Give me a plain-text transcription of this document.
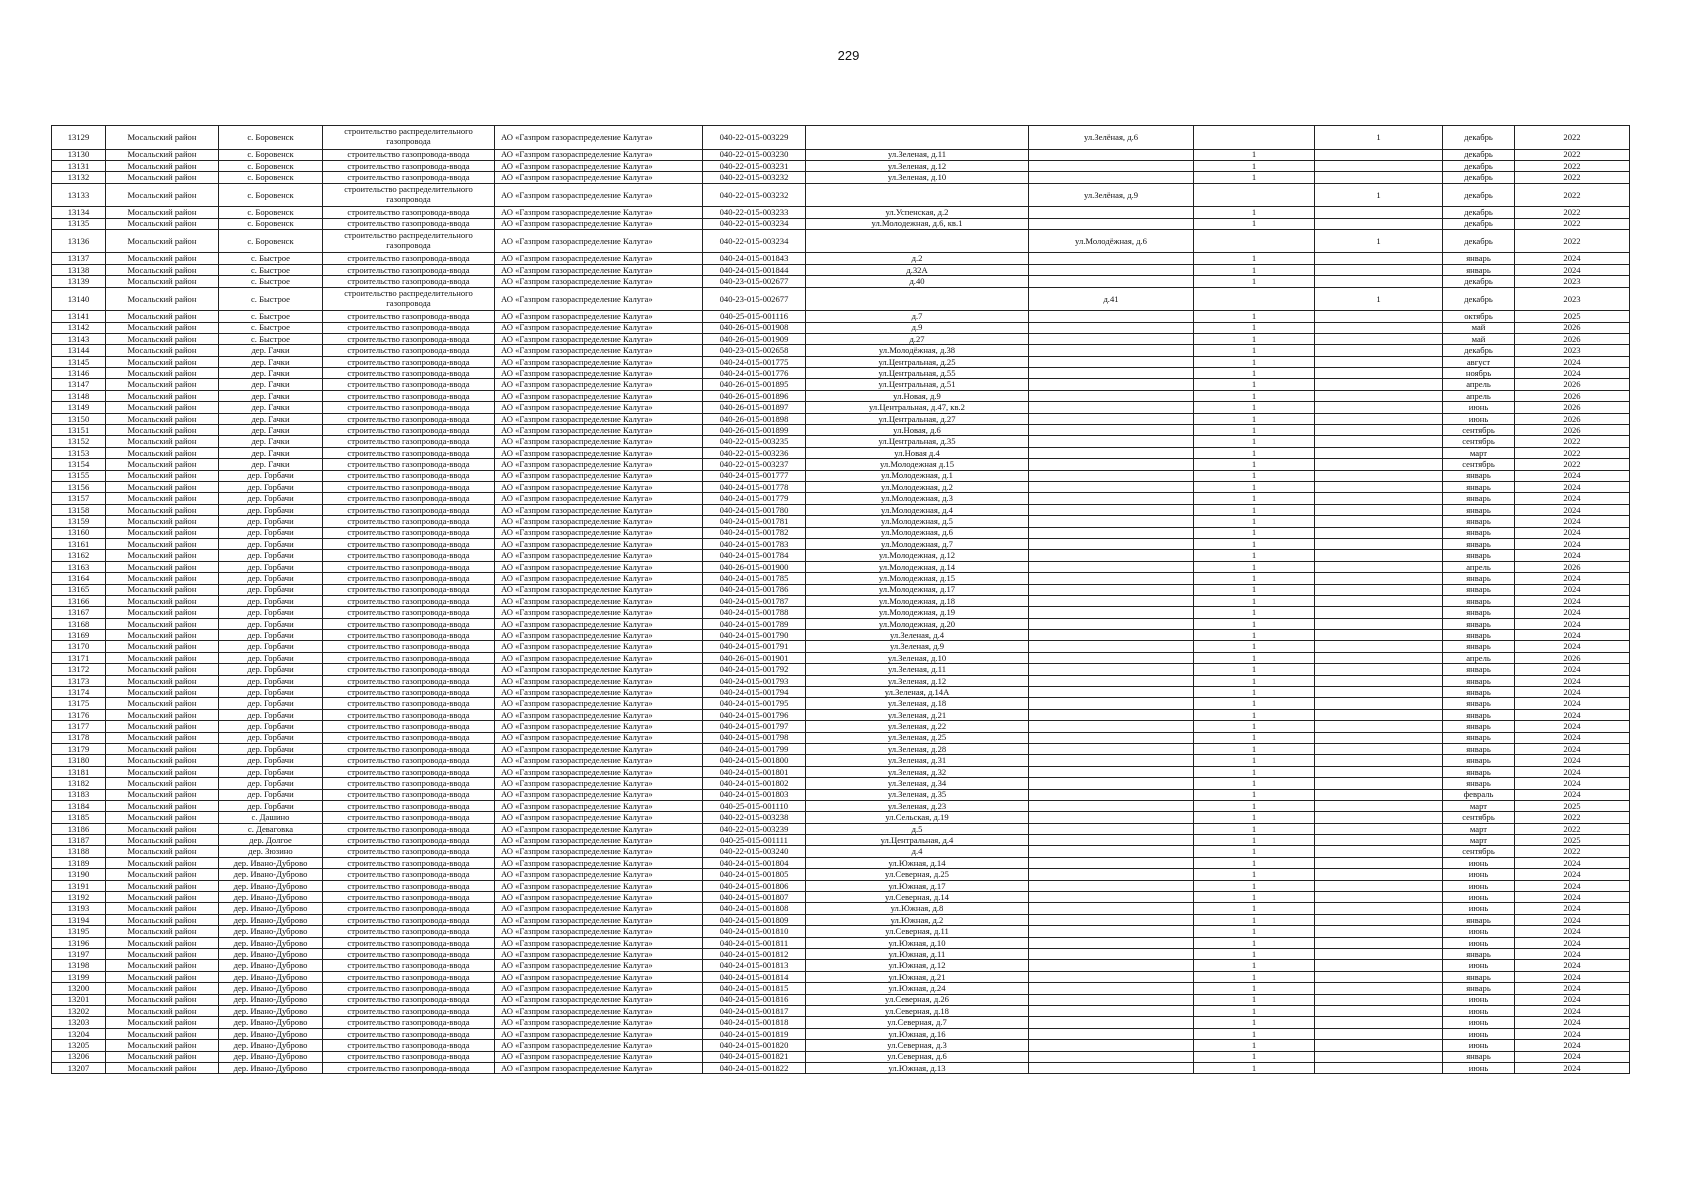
229
13129	Мосальский район	с. Боровенск	строительство распределительного газопровода	АО «Газпром газораспределение Калуга»	040-22-015-003229		ул.Зелёная, д.6		1	декабрь	2022
13130	Мосальский район	с. Боровенск	строительство газопровода-ввода	АО «Газпром газораспределение Калуга»	040-22-015-003230	ул.Зеленая, д.11		1		декабрь	2022
13131	Мосальский район	с. Боровенск	строительство газопровода-ввода	АО «Газпром газораспределение Калуга»	040-22-015-003231	ул.Зеленая, д.12		1		декабрь	2022
13132	Мосальский район	с. Боровенск	строительство газопровода-ввода	АО «Газпром газораспределение Калуга»	040-22-015-003232	ул.Зеленая, д.10		1		декабрь	2022
13133	Мосальский район	с. Боровенск	строительство распределительного газопровода	АО «Газпром газораспределение Калуга»	040-22-015-003232		ул.Зелёная, д.9		1	декабрь	2022
13134	Мосальский район	с. Боровенск	строительство газопровода-ввода	АО «Газпром газораспределение Калуга»	040-22-015-003233	ул.Успенская, д.2		1		декабрь	2022
13135	Мосальский район	с. Боровенск	строительство газопровода-ввода	АО «Газпром газораспределение Калуга»	040-22-015-003234	ул.Молодежная, д.6, кв.1		1		декабрь	2022
13136	Мосальский район	с. Боровенск	строительство распределительного газопровода	АО «Газпром газораспределение Калуга»	040-22-015-003234		ул.Молодёжная, д.6		1	декабрь	2022
13137	Мосальский район	с. Быстрое	строительство газопровода-ввода	АО «Газпром газораспределение Калуга»	040-24-015-001843	д.2		1		январь	2024
13138	Мосальский район	с. Быстрое	строительство газопровода-ввода	АО «Газпром газораспределение Калуга»	040-24-015-001844	д.32А		1		январь	2024
13139	Мосальский район	с. Быстрое	строительство газопровода-ввода	АО «Газпром газораспределение Калуга»	040-23-015-002677	д.40		1		декабрь	2023
13140	Мосальский район	с. Быстрое	строительство распределительного газопровода	АО «Газпром газораспределение Калуга»	040-23-015-002677		д.41		1	декабрь	2023
13141	Мосальский район	с. Быстрое	строительство газопровода-ввода	АО «Газпром газораспределение Калуга»	040-25-015-001116	д.7		1		октябрь	2025
13142	Мосальский район	с. Быстрое	строительство газопровода-ввода	АО «Газпром газораспределение Калуга»	040-26-015-001908	д.9		1		май	2026
13143	Мосальский район	с. Быстрое	строительство газопровода-ввода	АО «Газпром газораспределение Калуга»	040-26-015-001909	д.27		1		май	2026
13144	Мосальский район	дер. Гачки	строительство газопровода-ввода	АО «Газпром газораспределение Калуга»	040-23-015-002658	ул.Молодёжная, д.38		1		декабрь	2023
13145	Мосальский район	дер. Гачки	строительство газопровода-ввода	АО «Газпром газораспределение Калуга»	040-24-015-001775	ул.Центральная, д.25		1		август	2024
13146	Мосальский район	дер. Гачки	строительство газопровода-ввода	АО «Газпром газораспределение Калуга»	040-24-015-001776	ул.Центральная, д.55		1		ноябрь	2024
13147	Мосальский район	дер. Гачки	строительство газопровода-ввода	АО «Газпром газораспределение Калуга»	040-26-015-001895	ул.Центральная, д.51		1		апрель	2026
13148	Мосальский район	дер. Гачки	строительство газопровода-ввода	АО «Газпром газораспределение Калуга»	040-26-015-001896	ул.Новая, д.9		1		апрель	2026
13149	Мосальский район	дер. Гачки	строительство газопровода-ввода	АО «Газпром газораспределение Калуга»	040-26-015-001897	ул.Центральная, д.47, кв.2		1		июнь	2026
13150	Мосальский район	дер. Гачки	строительство газопровода-ввода	АО «Газпром газораспределение Калуга»	040-26-015-001898	ул.Центральная, д.27		1		июнь	2026
13151	Мосальский район	дер. Гачки	строительство газопровода-ввода	АО «Газпром газораспределение Калуга»	040-26-015-001899	ул.Новая, д.6		1		сентябрь	2026
13152	Мосальский район	дер. Гачки	строительство газопровода-ввода	АО «Газпром газораспределение Калуга»	040-22-015-003235	ул.Центральная, д.35		1		сентябрь	2022
13153	Мосальский район	дер. Гачки	строительство газопровода-ввода	АО «Газпром газораспределение Калуга»	040-22-015-003236	ул.Новая д.4		1		март	2022
13154	Мосальский район	дер. Гачки	строительство газопровода-ввода	АО «Газпром газораспределение Калуга»	040-22-015-003237	ул.Молодежная д.15		1		сентябрь	2022
13155	Мосальский район	дер. Горбачи	строительство газопровода-ввода	АО «Газпром газораспределение Калуга»	040-24-015-001777	ул.Молодежная, д.1		1		январь	2024
13156	Мосальский район	дер. Горбачи	строительство газопровода-ввода	АО «Газпром газораспределение Калуга»	040-24-015-001778	ул.Молодежная, д.2		1		январь	2024
13157	Мосальский район	дер. Горбачи	строительство газопровода-ввода	АО «Газпром газораспределение Калуга»	040-24-015-001779	ул.Молодежная, д.3		1		январь	2024
13158	Мосальский район	дер. Горбачи	строительство газопровода-ввода	АО «Газпром газораспределение Калуга»	040-24-015-001780	ул.Молодежная, д.4		1		январь	2024
13159	Мосальский район	дер. Горбачи	строительство газопровода-ввода	АО «Газпром газораспределение Калуга»	040-24-015-001781	ул.Молодежная, д.5		1		январь	2024
13160	Мосальский район	дер. Горбачи	строительство газопровода-ввода	АО «Газпром газораспределение Калуга»	040-24-015-001782	ул.Молодежная, д.6		1		январь	2024
13161	Мосальский район	дер. Горбачи	строительство газопровода-ввода	АО «Газпром газораспределение Калуга»	040-24-015-001783	ул.Молодежная, д.7		1		январь	2024
13162	Мосальский район	дер. Горбачи	строительство газопровода-ввода	АО «Газпром газораспределение Калуга»	040-24-015-001784	ул.Молодежная, д.12		1		январь	2024
13163	Мосальский район	дер. Горбачи	строительство газопровода-ввода	АО «Газпром газораспределение Калуга»	040-26-015-001900	ул.Молодежная, д.14		1		апрель	2026
13164	Мосальский район	дер. Горбачи	строительство газопровода-ввода	АО «Газпром газораспределение Калуга»	040-24-015-001785	ул.Молодежная, д.15		1		январь	2024
13165	Мосальский район	дер. Горбачи	строительство газопровода-ввода	АО «Газпром газораспределение Калуга»	040-24-015-001786	ул.Молодежная, д.17		1		январь	2024
13166	Мосальский район	дер. Горбачи	строительство газопровода-ввода	АО «Газпром газораспределение Калуга»	040-24-015-001787	ул.Молодежная, д.18		1		январь	2024
13167	Мосальский район	дер. Горбачи	строительство газопровода-ввода	АО «Газпром газораспределение Калуга»	040-24-015-001788	ул.Молодежная, д.19		1		январь	2024
13168	Мосальский район	дер. Горбачи	строительство газопровода-ввода	АО «Газпром газораспределение Калуга»	040-24-015-001789	ул.Молодежная, д.20		1		январь	2024
13169	Мосальский район	дер. Горбачи	строительство газопровода-ввода	АО «Газпром газораспределение Калуга»	040-24-015-001790	ул.Зеленая, д.4		1		январь	2024
13170	Мосальский район	дер. Горбачи	строительство газопровода-ввода	АО «Газпром газораспределение Калуга»	040-24-015-001791	ул.Зеленая, д.9		1		январь	2024
13171	Мосальский район	дер. Горбачи	строительство газопровода-ввода	АО «Газпром газораспределение Калуга»	040-26-015-001901	ул.Зеленая, д.10		1		апрель	2026
13172	Мосальский район	дер. Горбачи	строительство газопровода-ввода	АО «Газпром газораспределение Калуга»	040-24-015-001792	ул.Зеленая, д.11		1		январь	2024
13173	Мосальский район	дер. Горбачи	строительство газопровода-ввода	АО «Газпром газораспределение Калуга»	040-24-015-001793	ул.Зеленая, д.12		1		январь	2024
13174	Мосальский район	дер. Горбачи	строительство газопровода-ввода	АО «Газпром газораспределение Калуга»	040-24-015-001794	ул.Зеленая, д.14А		1		январь	2024
13175	Мосальский район	дер. Горбачи	строительство газопровода-ввода	АО «Газпром газораспределение Калуга»	040-24-015-001795	ул.Зеленая, д.18		1		январь	2024
13176	Мосальский район	дер. Горбачи	строительство газопровода-ввода	АО «Газпром газораспределение Калуга»	040-24-015-001796	ул.Зеленая, д.21		1		январь	2024
13177	Мосальский район	дер. Горбачи	строительство газопровода-ввода	АО «Газпром газораспределение Калуга»	040-24-015-001797	ул.Зеленая, д.22		1		январь	2024
13178	Мосальский район	дер. Горбачи	строительство газопровода-ввода	АО «Газпром газораспределение Калуга»	040-24-015-001798	ул.Зеленая, д.25		1		январь	2024
13179	Мосальский район	дер. Горбачи	строительство газопровода-ввода	АО «Газпром газораспределение Калуга»	040-24-015-001799	ул.Зеленая, д.28		1		январь	2024
13180	Мосальский район	дер. Горбачи	строительство газопровода-ввода	АО «Газпром газораспределение Калуга»	040-24-015-001800	ул.Зеленая, д.31		1		январь	2024
13181	Мосальский район	дер. Горбачи	строительство газопровода-ввода	АО «Газпром газораспределение Калуга»	040-24-015-001801	ул.Зеленая, д.32		1		январь	2024
13182	Мосальский район	дер. Горбачи	строительство газопровода-ввода	АО «Газпром газораспределение Калуга»	040-24-015-001802	ул.Зеленая, д.34		1		январь	2024
13183	Мосальский район	дер. Горбачи	строительство газопровода-ввода	АО «Газпром газораспределение Калуга»	040-24-015-001803	ул.Зеленая, д.35		1		февраль	2024
13184	Мосальский район	дер. Горбачи	строительство газопровода-ввода	АО «Газпром газораспределение Калуга»	040-25-015-001110	ул.Зеленая, д.23		1		март	2025
13185	Мосальский район	с. Дашино	строительство газопровода-ввода	АО «Газпром газораспределение Калуга»	040-22-015-003238	ул.Сельская, д.19		1		сентябрь	2022
13186	Мосальский район	с. Деваговка	строительство газопровода-ввода	АО «Газпром газораспределение Калуга»	040-22-015-003239	д.5		1		март	2022
13187	Мосальский район	дер. Долгое	строительство газопровода-ввода	АО «Газпром газораспределение Калуга»	040-25-015-001111	ул.Центральная, д.4		1		март	2025
13188	Мосальский район	дер. Зюзино	строительство газопровода-ввода	АО «Газпром газораспределение Калуга»	040-22-015-003240	д.4		1		сентябрь	2022
13189	Мосальский район	дер. Ивано-Дуброво	строительство газопровода-ввода	АО «Газпром газораспределение Калуга»	040-24-015-001804	ул.Южная, д.14		1		июнь	2024
13190	Мосальский район	дер. Ивано-Дуброво	строительство газопровода-ввода	АО «Газпром газораспределение Калуга»	040-24-015-001805	ул.Северная, д.25		1		июнь	2024
13191	Мосальский район	дер. Ивано-Дуброво	строительство газопровода-ввода	АО «Газпром газораспределение Калуга»	040-24-015-001806	ул.Южная, д.17		1		июнь	2024
13192	Мосальский район	дер. Ивано-Дуброво	строительство газопровода-ввода	АО «Газпром газораспределение Калуга»	040-24-015-001807	ул.Северная, д.14		1		июнь	2024
13193	Мосальский район	дер. Ивано-Дуброво	строительство газопровода-ввода	АО «Газпром газораспределение Калуга»	040-24-015-001808	ул.Южная, д.8		1		июнь	2024
13194	Мосальский район	дер. Ивано-Дуброво	строительство газопровода-ввода	АО «Газпром газораспределение Калуга»	040-24-015-001809	ул.Южная, д.2		1		январь	2024
13195	Мосальский район	дер. Ивано-Дуброво	строительство газопровода-ввода	АО «Газпром газораспределение Калуга»	040-24-015-001810	ул.Северная, д.11		1		июнь	2024
13196	Мосальский район	дер. Ивано-Дуброво	строительство газопровода-ввода	АО «Газпром газораспределение Калуга»	040-24-015-001811	ул.Южная, д.10		1		июнь	2024
13197	Мосальский район	дер. Ивано-Дуброво	строительство газопровода-ввода	АО «Газпром газораспределение Калуга»	040-24-015-001812	ул.Южная, д.11		1		январь	2024
13198	Мосальский район	дер. Ивано-Дуброво	строительство газопровода-ввода	АО «Газпром газораспределение Калуга»	040-24-015-001813	ул.Южная, д.12		1		июнь	2024
13199	Мосальский район	дер. Ивано-Дуброво	строительство газопровода-ввода	АО «Газпром газораспределение Калуга»	040-24-015-001814	ул.Южная, д.21		1		январь	2024
13200	Мосальский район	дер. Ивано-Дуброво	строительство газопровода-ввода	АО «Газпром газораспределение Калуга»	040-24-015-001815	ул.Южная, д.24		1		январь	2024
13201	Мосальский район	дер. Ивано-Дуброво	строительство газопровода-ввода	АО «Газпром газораспределение Калуга»	040-24-015-001816	ул.Северная, д.26		1		июнь	2024
13202	Мосальский район	дер. Ивано-Дуброво	строительство газопровода-ввода	АО «Газпром газораспределение Калуга»	040-24-015-001817	ул.Северная, д.18		1		июнь	2024
13203	Мосальский район	дер. Ивано-Дуброво	строительство газопровода-ввода	АО «Газпром газораспределение Калуга»	040-24-015-001818	ул.Северная, д.7		1		июнь	2024
13204	Мосальский район	дер. Ивано-Дуброво	строительство газопровода-ввода	АО «Газпром газораспределение Калуга»	040-24-015-001819	ул.Южная, д.16		1		июнь	2024
13205	Мосальский район	дер. Ивано-Дуброво	строительство газопровода-ввода	АО «Газпром газораспределение Калуга»	040-24-015-001820	ул.Северная, д.3		1		июнь	2024
13206	Мосальский район	дер. Ивано-Дуброво	строительство газопровода-ввода	АО «Газпром газораспределение Калуга»	040-24-015-001821	ул.Северная, д.6		1		январь	2024
13207	Мосальский район	дер. Ивано-Дуброво	строительство газопровода-ввода	АО «Газпром газораспределение Калуга»	040-24-015-001822	ул.Южная, д.13		1		июнь	2024
